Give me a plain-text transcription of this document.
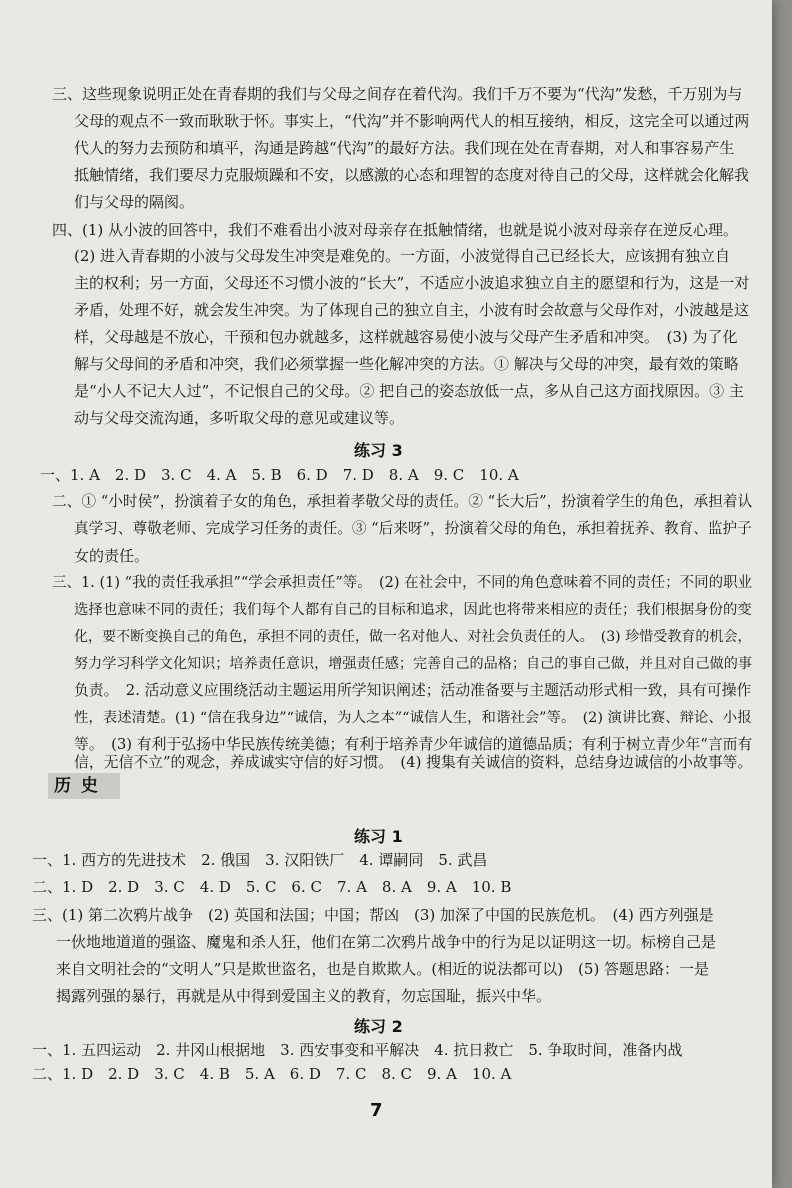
三、这些现象说明正处在青春期的我们与父母之间存在着代沟。我们千万不要为“代沟”发愁，千万别为与
父母的观点不一致而耿耿于怀。事实上，“代沟”并不影响两代人的相互接纳，相反，这完全可以通过两
代人的努力去预防和填平，沟通是跨越“代沟”的最好方法。我们现在处在青春期，对人和事容易产生
抵触情绪，我们要尽力克服烦躁和不安，以感激的心态和理智的态度对待自己的父母，这样就会化解我
们与父母的隔阂。
四、(1) 从小波的回答中，我们不难看出小波对母亲存在抵触情绪，也就是说小波对母亲存在逆反心理。
(2) 进入青春期的小波与父母发生冲突是难免的。一方面，小波觉得自己已经长大，应该拥有独立自
主的权利；另一方面，父母还不习惯小波的“长大”，不适应小波追求独立自主的愿望和行为，这是一对
矛盾，处理不好，就会发生冲突。为了体现自己的独立自主，小波有时会故意与父母作对，小波越是这
样，父母越是不放心，干预和包办就越多，这样就越容易使小波与父母产生矛盾和冲突。　(3) 为了化
解与父母间的矛盾和冲突，我们必须掌握一些化解冲突的方法。① 解决与父母的冲突，最有效的策略
是“小人不记大人过”，不记恨自己的父母。② 把自己的姿态放低一点，多从自己这方面找原因。③ 主
动与父母交流沟通，多听取父母的意见或建议等。
练习 3
一、1. A　2. D　3. C　4. A　5. B　6. D　7. D　8. A　9. C　10. A
二、① “小时侯”，扮演着子女的角色，承担着孝敬父母的责任。② “长大后”，扮演着学生的角色，承担着认
真学习、尊敬老师、完成学习任务的责任。③ “后来呀”，扮演着父母的角色，承担着抚养、教育、监护子
女的责任。
三、1. (1) “我的责任我承担”“学会承担责任”等。　(2) 在社会中，不同的角色意味着不同的责任；不同的职业
选择也意味不同的责任；我们每个人都有自己的目标和追求，因此也将带来相应的责任；我们根据身份的变
化，要不断变换自己的角色，承担不同的责任，做一名对他人、对社会负责任的人。　(3) 珍惜受教育的机会，
努力学习科学文化知识；培养责任意识，增强责任感；完善自己的品格；自己的事自己做，并且对自己做的事
负责。　2. 活动意义应围绕活动主题运用所学知识阐述；活动准备要与主题活动形式相一致，具有可操作
性，表述清楚。(1) “信在我身边”“诚信，为人之本”“诚信人生，和谐社会”等。　(2) 演讲比赛、辩论、小报
等。　(3) 有利于弘扬中华民族传统美德；有利于培养青少年诚信的道德品质；有利于树立青少年“言而有
信，无信不立”的观念，养成诚实守信的好习惯。　(4) 搜集有关诚信的资料，总结身边诚信的小故事等。
历 史
练习 1
一、1. 西方的先进技术　2. 俄国　3. 汉阳铁厂　4. 谭嗣同　5. 武昌
二、1. D　2. D　3. C　4. D　5. C　6. C　7. A　8. A　9. A　10. B
三、(1) 第二次鸦片战争　(2) 英国和法国；中国；帮凶　(3) 加深了中国的民族危机。　(4) 西方列强是
一伙地地道道的强盗、魔鬼和杀人狂，他们在第二次鸦片战争中的行为足以证明这一切。标榜自己是
来自文明社会的“文明人”只是欺世盗名，也是自欺欺人。(相近的说法都可以)　(5) 答题思路：一是
揭露列强的暴行，再就是从中得到爱国主义的教育，勿忘国耻，振兴中华。
练习 2
一、1. 五四运动　2. 井冈山根据地　3. 西安事变和平解决　4. 抗日救亡　5. 争取时间，准备内战
二、1. D　2. D　3. C　4. B　5. A　6. D　7. C　8. C　9. A　10. A
7
